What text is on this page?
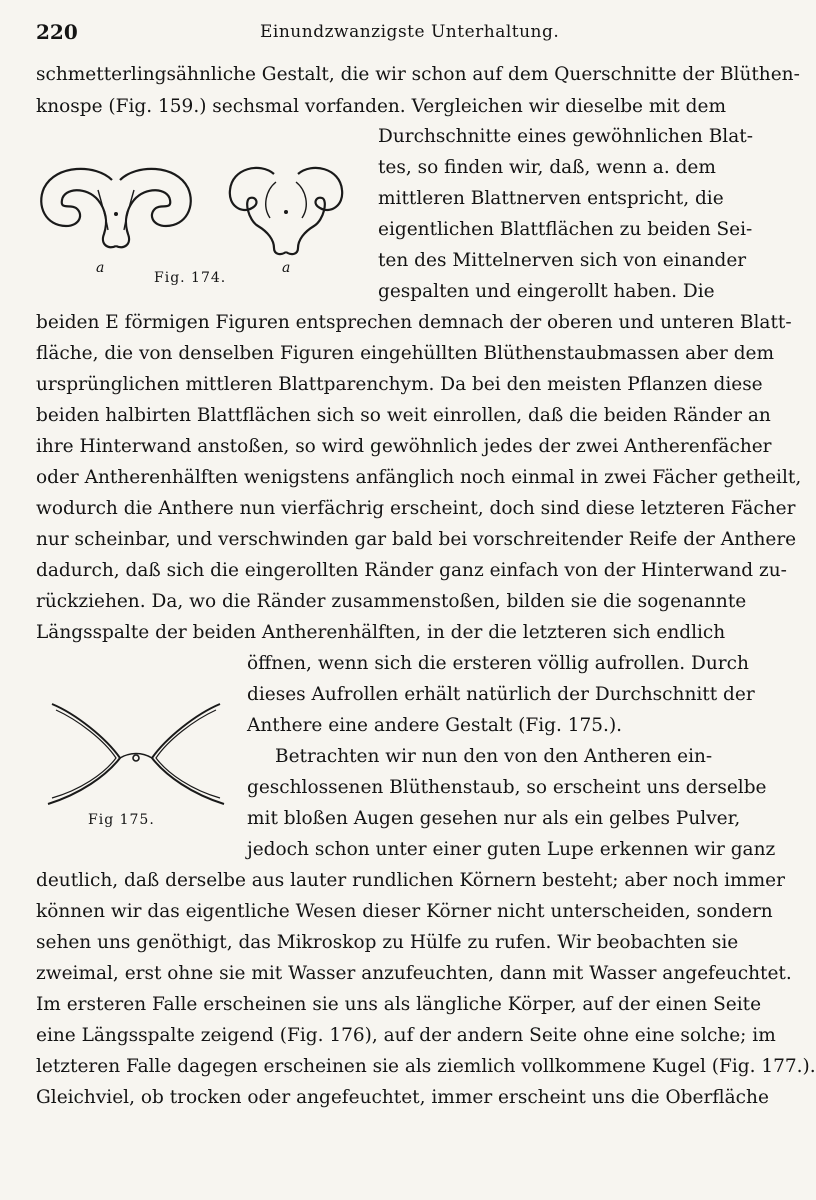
220	Einundzwanzigste Unterhaltung.
a
Fig. 174.
a
Fig 175.
schmetterlingsähnliche Gestalt, die wir schon auf dem Querschnitte der Blüthen-
knospe (Fig. 159.) sechsmal vorfanden. Vergleichen wir dieselbe mit dem
Durchschnitte eines gewöhnlichen Blat-
tes, so finden wir, daß, wenn a. dem
mittleren Blattnerven entspricht, die
eigentlichen Blattflächen zu beiden Sei-
ten des Mittelnerven sich von einander
gespalten und eingerollt haben. Die
beiden E förmigen Figuren entsprechen demnach der oberen und unteren Blatt-
fläche, die von denselben Figuren eingehüllten Blüthenstaubmassen aber dem
ursprünglichen mittleren Blattparenchym. Da bei den meisten Pflanzen diese
beiden halbirten Blattflächen sich so weit einrollen, daß die beiden Ränder an
ihre Hinterwand anstoßen, so wird gewöhnlich jedes der zwei Antherenfächer
oder Antherenhälften wenigstens anfänglich noch einmal in zwei Fächer getheilt,
wodurch die Anthere nun vierfächrig erscheint, doch sind diese letzteren Fächer
nur scheinbar, und verschwinden gar bald bei vorschreitender Reife der Anthere
dadurch, daß sich die eingerollten Ränder ganz einfach von der Hinterwand zu-
rückziehen. Da, wo die Ränder zusammenstoßen, bilden sie die sogenannte
Längsspalte der beiden Antherenhälften, in der die letzteren sich endlich
öffnen, wenn sich die ersteren völlig aufrollen. Durch
dieses Aufrollen erhält natürlich der Durchschnitt der
Anthere eine andere Gestalt (Fig. 175.).
Betrachten wir nun den von den Antheren ein-
geschlossenen Blüthenstaub, so erscheint uns derselbe
mit bloßen Augen gesehen nur als ein gelbes Pulver,
jedoch schon unter einer guten Lupe erkennen wir ganz
deutlich, daß derselbe aus lauter rundlichen Körnern besteht; aber noch immer
können wir das eigentliche Wesen dieser Körner nicht unterscheiden, sondern
sehen uns genöthigt, das Mikroskop zu Hülfe zu rufen. Wir beobachten sie
zweimal, erst ohne sie mit Wasser anzufeuchten, dann mit Wasser angefeuchtet.
Im ersteren Falle erscheinen sie uns als längliche Körper, auf der einen Seite
eine Längsspalte zeigend (Fig. 176), auf der andern Seite ohne eine solche; im
letzteren Falle dagegen erscheinen sie als ziemlich vollkommene Kugel (Fig. 177.).
Gleichviel, ob trocken oder angefeuchtet, immer erscheint uns die Oberfläche
